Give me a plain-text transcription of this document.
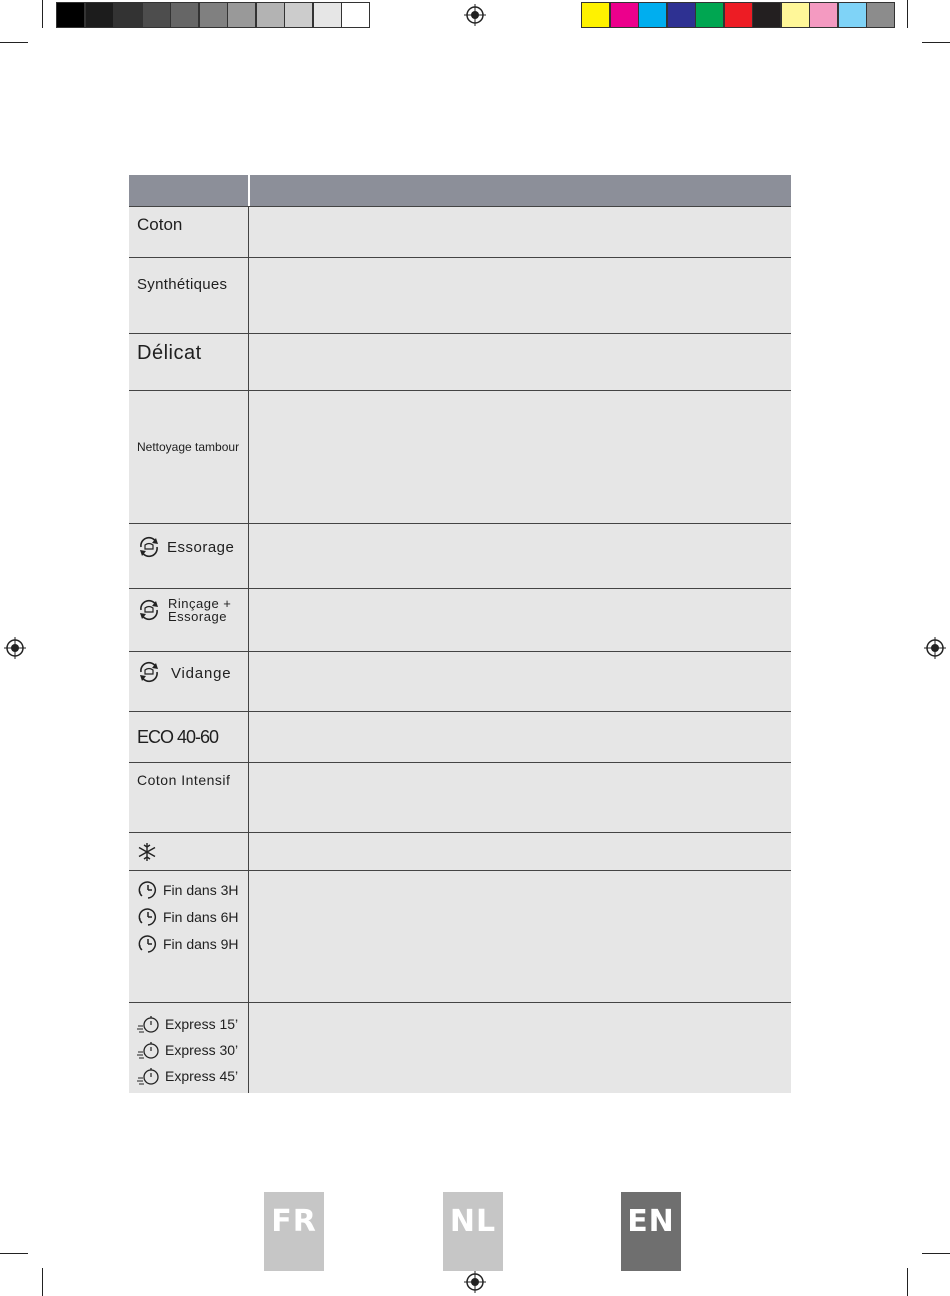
Coton
Synthétiques
Délicat
Nettoyage tambour
Essorage
Rinçage +
Essorage
Vidange
ECO 40-60
Coton Intensif
Fin dans 3H
Fin dans 6H
Fin dans 9H
Express 15’
Express 30’
Express 45’
FR	NL	EN
